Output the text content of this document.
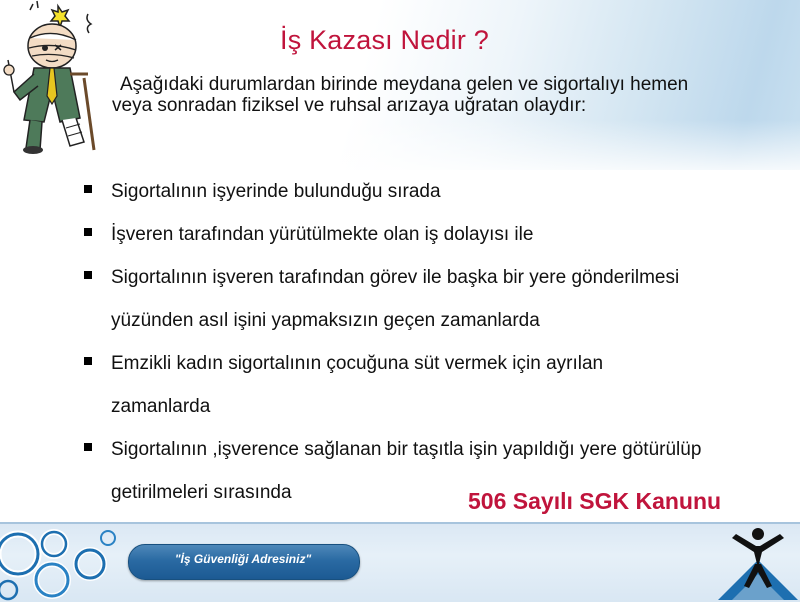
İş Kazası Nedir ?
Aşağıdaki durumlardan birinde meydana gelen ve sigortalıyı hemen
veya sonradan fiziksel ve ruhsal arızaya uğratan olaydır:
Sigortalının işyerinde bulunduğu sırada
İşveren tarafından yürütülmekte olan iş dolayısı ile
Sigortalının işveren tarafından görev ile başka bir yere gönderilmesi
yüzünden asıl işini yapmaksızın geçen zamanlarda
Emzikli kadın sigortalının çocuğuna süt vermek için ayrılan
zamanlarda
Sigortalının ,işverence sağlanan bir taşıtla işin yapıldığı yere götürülüp
getirilmeleri sırasında	506 Sayılı SGK Kanunu
"İş Güvenliği Adresiniz"
